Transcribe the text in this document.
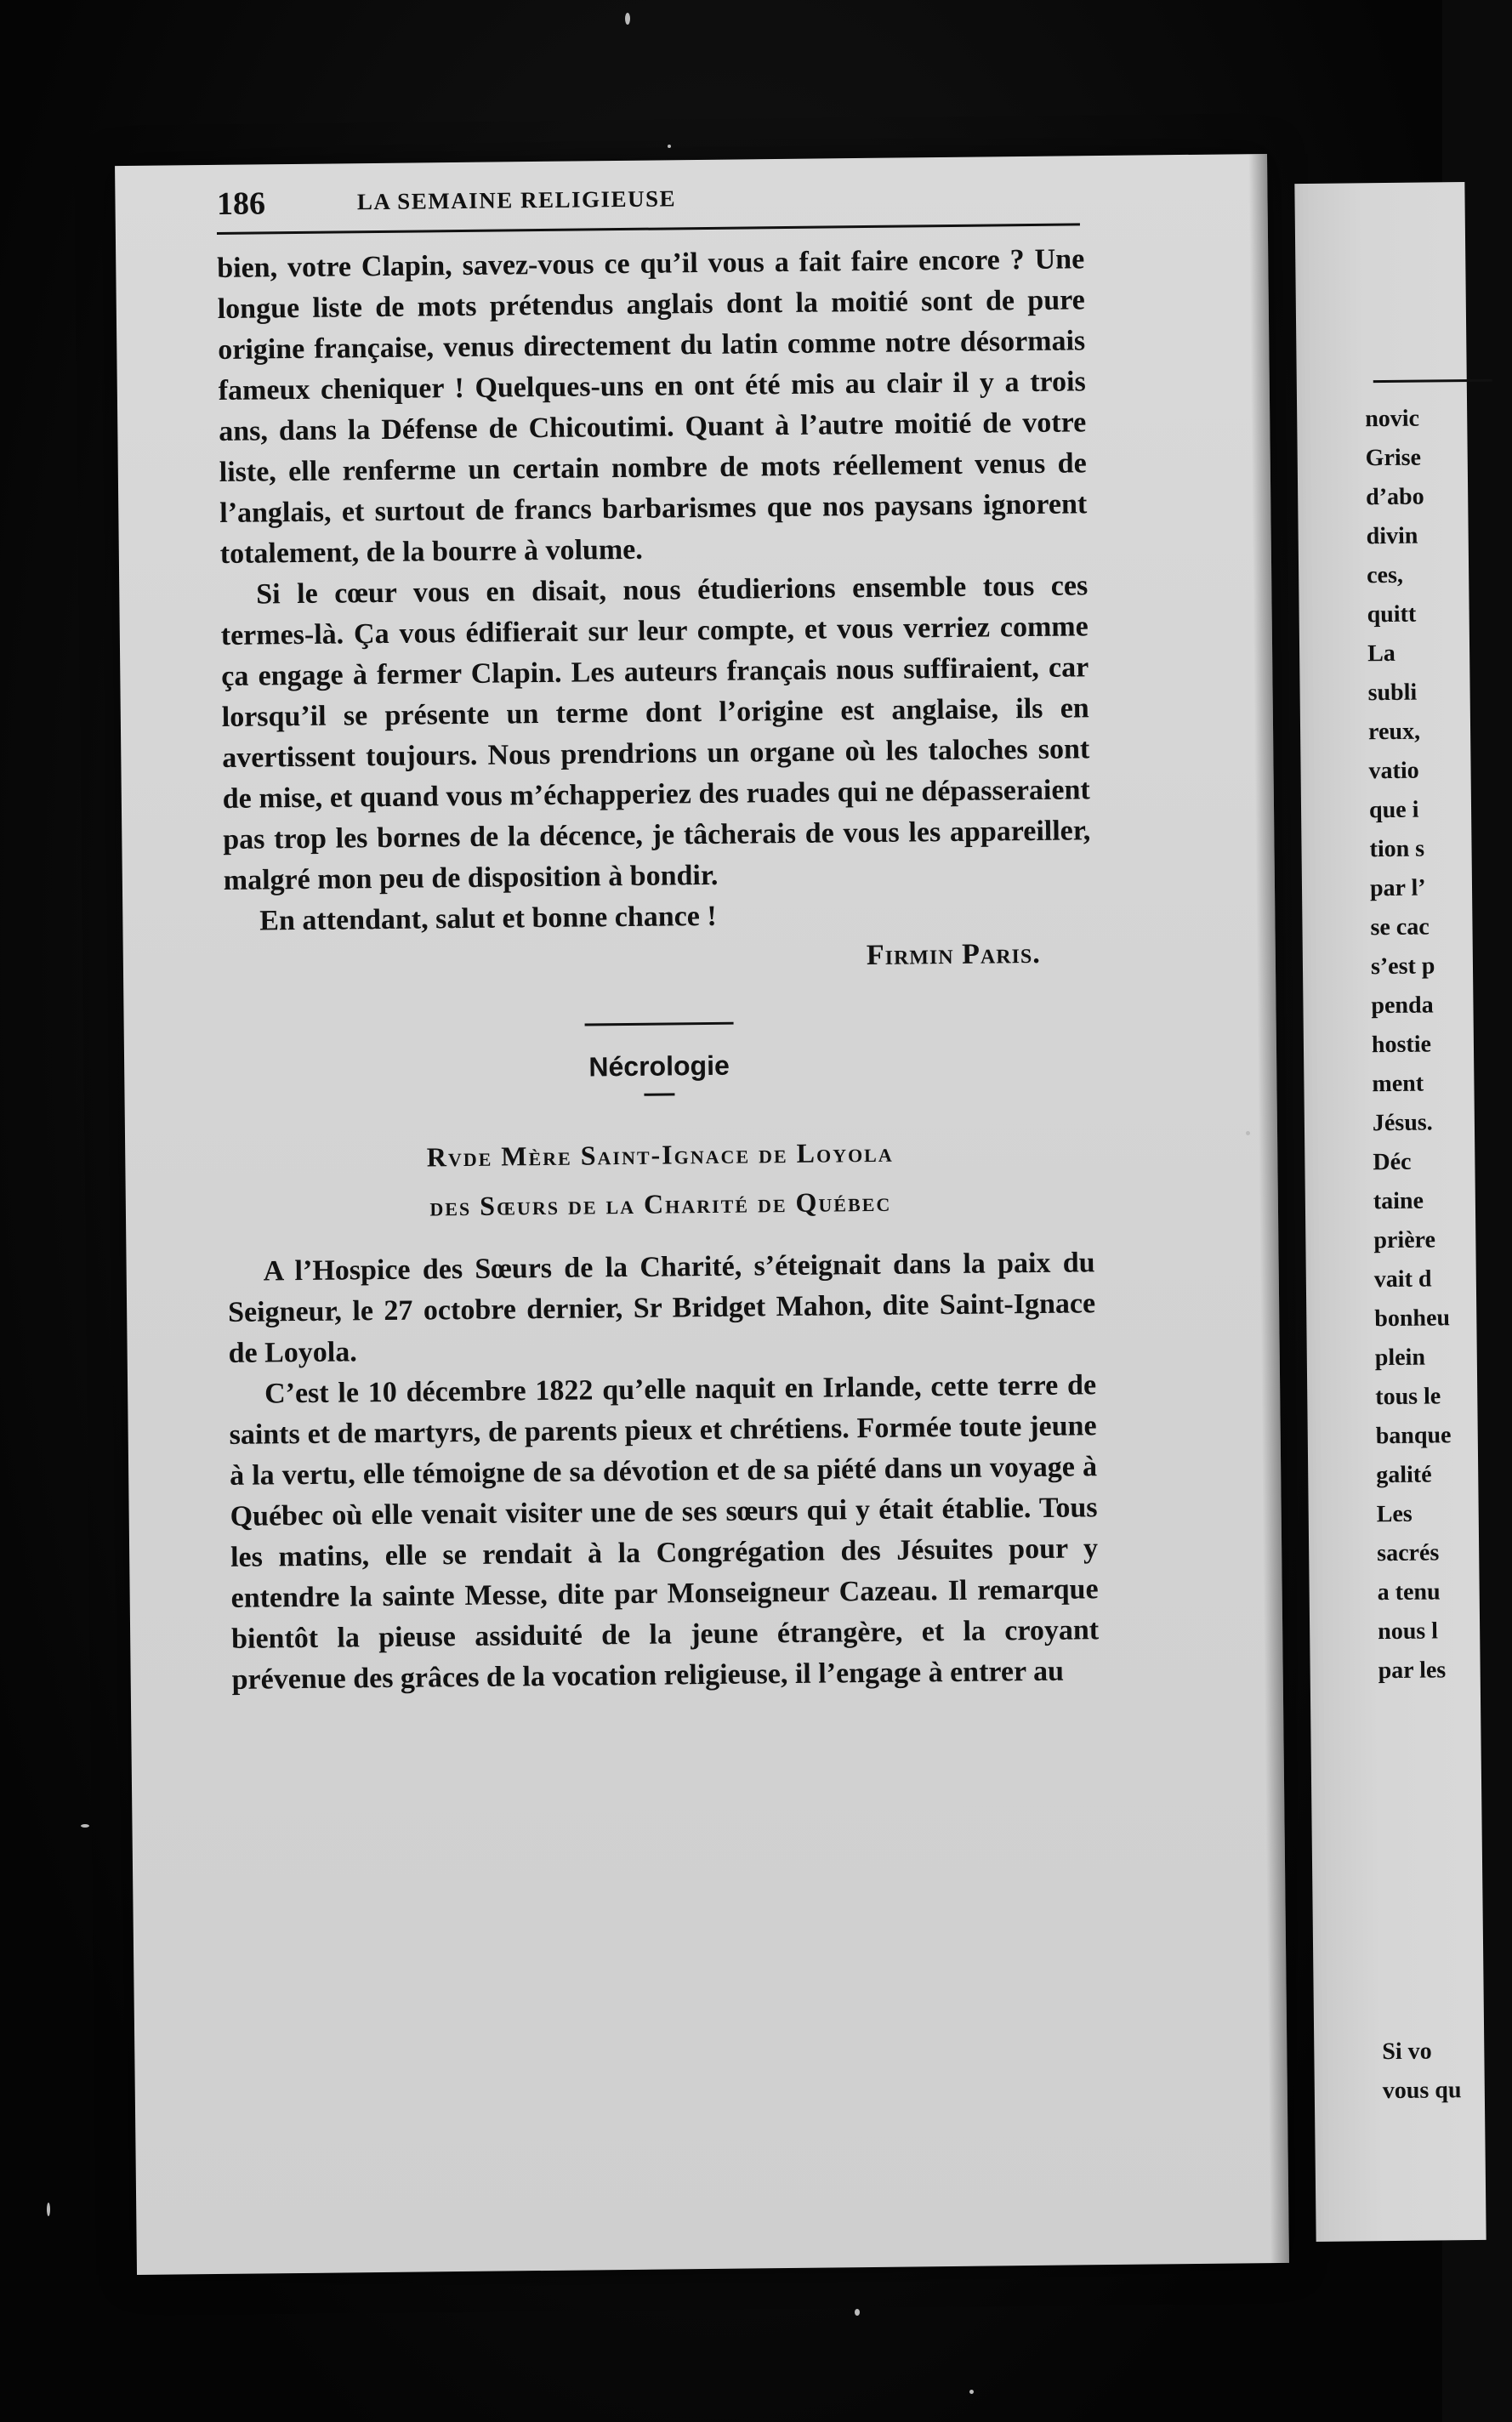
novic
Grise
d’abo
divin
ces,
quitt
La
subli
reux,
vatio
que i
tion s
par l’
se cac
s’est p
penda
hostie
ment
Jésus.
Déc
taine
prière
vait d
bonheu
plein
tous le
banque
galité
Les
sacrés
a tenu
nous l
par les
Si vo
vous qu
186	LA SEMAINE RELIGIEUSE

bien, votre Clapin, savez-vous ce qu’il vous a fait faire encore ? Une longue liste de mots prétendus anglais dont la moitié sont de pure origine française, venus directement du latin comme notre désormais fameux cheniquer ! Quelques-uns en ont été mis au clair il y a trois ans, dans la Défense de Chicoutimi. Quant à l’autre moitié de votre liste, elle renferme un certain nombre de mots réellement venus de l’anglais, et surtout de francs barbarismes que nos paysans ignorent totalement, de la bourre à volume.

Si le cœur vous en disait, nous étudierions ensemble tous ces termes-là. Ça vous édifierait sur leur compte, et vous verriez comme ça engage à fermer Clapin. Les auteurs français nous suffiraient, car lorsqu’il se présente un terme dont l’origine est anglaise, ils en avertissent toujours. Nous prendrions un organe où les taloches sont de mise, et quand vous m’échapperiez des ruades qui ne dépasseraient pas trop les bornes de la décence, je tâcherais de vous les appareiller, malgré mon peu de disposition à bondir.

En attendant, salut et bonne chance !

Firmin Paris.

Nécrologie

Rvde Mère Saint-Ignace de Loyola

des Sœurs de la Charité de Québec

A l’Hospice des Sœurs de la Charité, s’éteignait dans la paix du Seigneur, le 27 octobre dernier, Sr Bridget Mahon, dite Saint-Ignace de Loyola.

C’est le 10 décembre 1822 qu’elle naquit en Irlande, cette terre de saints et de martyrs, de parents pieux et chrétiens. Formée toute jeune à la vertu, elle témoigne de sa dévotion et de sa piété dans un voyage à Québec où elle venait visiter une de ses sœurs qui y était établie. Tous les matins, elle se rendait à la Congrégation des Jésuites pour y entendre la sainte Messe, dite par Monseigneur Cazeau. Il remarque bientôt la pieuse assiduité de la jeune étrangère, et la croyant prévenue des grâces de la vocation religieuse, il l’engage à entrer au
